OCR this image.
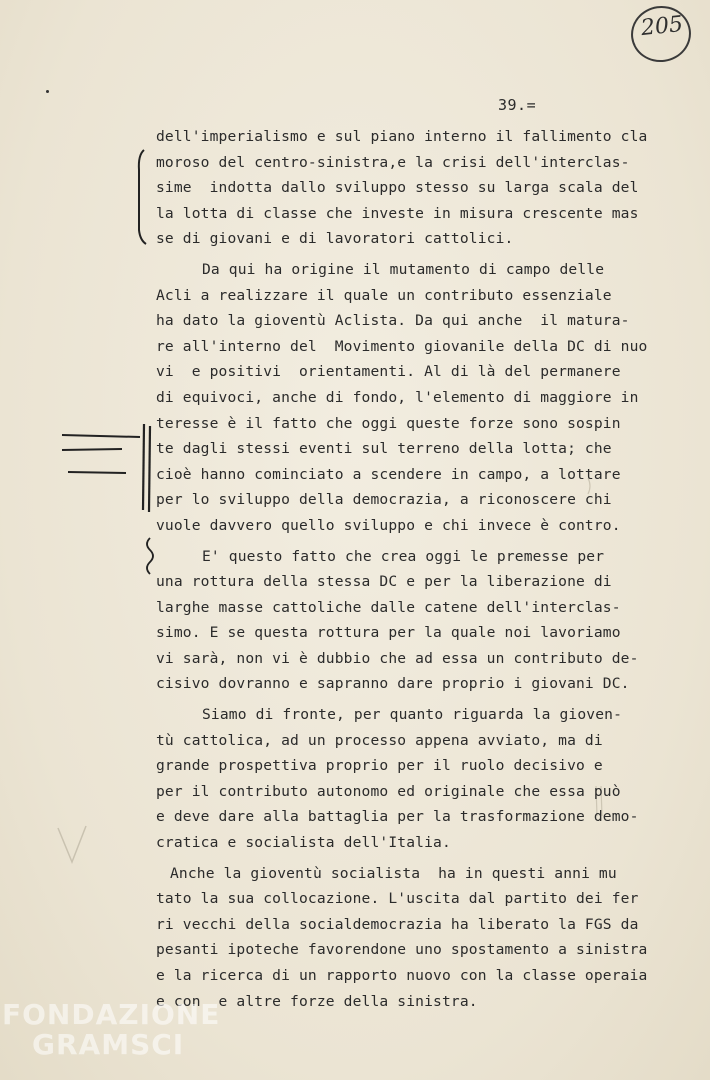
205
39.=
dell'imperialismo e sul piano interno il fallimento cla
moroso del centro-sinistra,e la crisi dell'interclas-
sime  indotta dallo sviluppo stesso su larga scala del
la lotta di classe che investe in misura crescente mas
se di giovani e di lavoratori cattolici.
Da qui ha origine il mutamento di campo delle
Acli a realizzare il quale un contributo essenziale
ha dato la gioventù Aclista. Da qui anche  il matura-
re all'interno del  Movimento giovanile della DC di nuo
vi  e positivi  orientamenti. Al di là del permanere
di equivoci, anche di fondo, l'elemento di maggiore in
teresse è il fatto che oggi queste forze sono sospin
te dagli stessi eventi sul terreno della lotta; che
cioè hanno cominciato a scendere in campo, a lottare
per lo sviluppo della democrazia, a riconoscere chi
vuole davvero quello sviluppo e chi invece è contro.
E' questo fatto che crea oggi le premesse per
una rottura della stessa DC e per la liberazione di
larghe masse cattoliche dalle catene dell'interclas-
simo. E se questa rottura per la quale noi lavoriamo
vi sarà, non vi è dubbio che ad essa un contributo de-
cisivo dovranno e sapranno dare proprio i giovani DC.
Siamo di fronte, per quanto riguarda la gioven-
tù cattolica, ad un processo appena avviato, ma di
grande prospettiva proprio per il ruolo decisivo e
per il contributo autonomo ed originale che essa può
e deve dare alla battaglia per la trasformazione demo-
cratica e socialista dell'Italia.
Anche la gioventù socialista  ha in questi anni mu
tato la sua collocazione. L'uscita dal partito dei fer
ri vecchi della socialdemocrazia ha liberato la FGS da
pesanti ipoteche favorendone uno spostamento a sinistra
e la ricerca di un rapporto nuovo con la classe operaia
e con  e altre forze della sinistra.
FONDAZIONE
GRAMSCI
